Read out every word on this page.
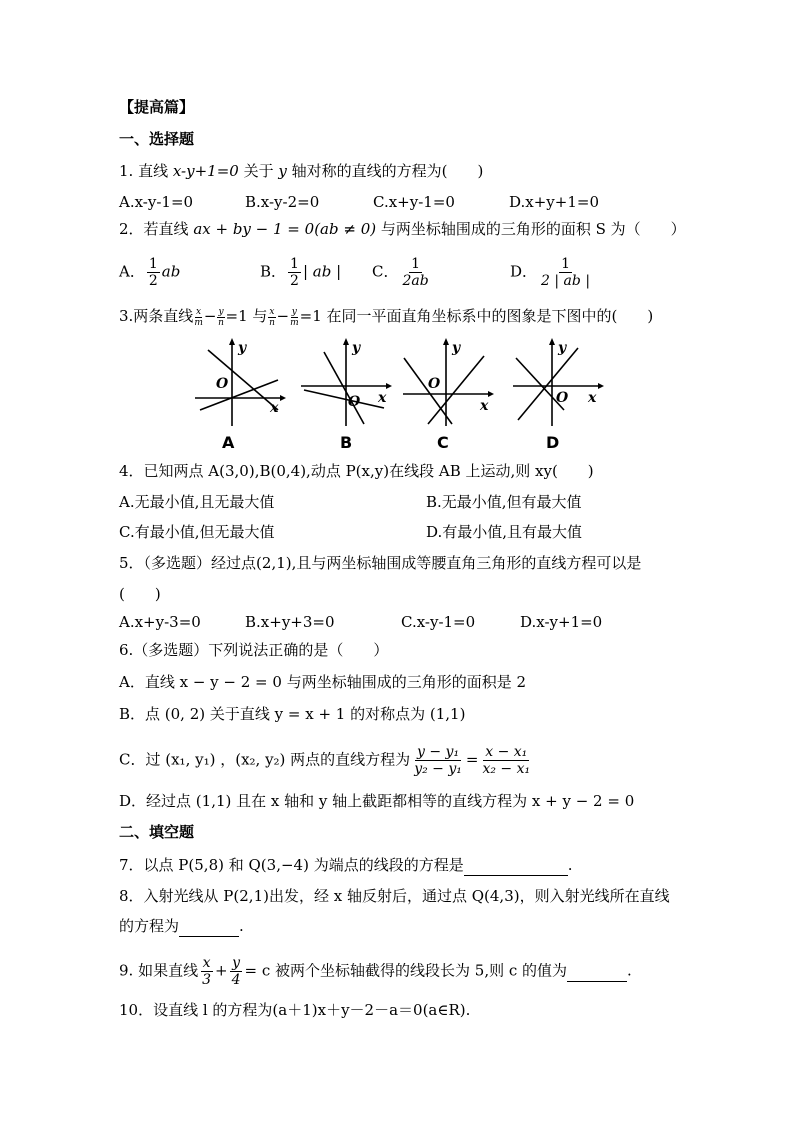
【提高篇】
一、选择题
1. 直线 x-y+1=0 关于 y 轴对称的直线的方程为(　　)
A.x-y-1=0	B.x-y-2=0	C.x+y-1=0	D.x+y+1=0
2．若直线 ax + by − 1 = 0(ab ≠ 0) 与两坐标轴围成的三角形的面积 S 为（　　）
A． $\frac{1}{2}$ ab	B． $\frac{1}{2}$ | ab | C． $\frac{1}{2ab}$	D． $\frac{1}{2 | ab |}$
3.两条直线 $\frac{x}{m} - \frac{y}{n} =1$ 与 $\frac{x}{n} - \frac{y}{m} =1$ 在同一平面直角坐标系中的图象是下图中的(　　)
x
y
O
x
y
O	x
y
O
x
y
O
A	B	C	D
4．已知两点 A(3,0),B(0,4),动点 P(x,y)在线段 AB 上运动,则 xy(　　)
A.无最小值,且无最大值	B.无最小值,但有最大值
C.有最小值,但无最大值	D.有最小值,且有最大值
5．（多选题）经过点(2,1),且与两坐标轴围成等腰直角三角形的直线方程可以是
(　　)
A.x+y-3=0	B.x+y+3=0	C.x-y-1=0	D.x-y+1=0
6.（多选题）下列说法正确的是（　　）
A．直线 x − y − 2 = 0 与两坐标轴围成的三角形的面积是 2
B．点 (0, 2) 关于直线 y = x + 1 的对称点为 (1,1)
C．过 (x₁, y₁) ，(x₂, y₂) 两点的直线方程为 $\frac{\text{y − y₁}}{\text{y₂ − y₁}} = \frac{\text{x − x₁}}{\text{x₂ − x₁}}$
D．经过点 (1,1) 且在 x 轴和 y 轴上截距都相等的直线方程为 x + y − 2 = 0
二、填空题
7．以点 P(5,8) 和 Q(3,−4) 为端点的线段的方程是	.
8．入射光线从 P(2,1)出发，经 x 轴反射后，通过点 Q(4,3)，则入射光线所在直线
的方程为	.
9. 如果直线 $\frac{x}{3} + \frac{y}{4} = c$ 被两个坐标轴截得的线段长为 5,则 c 的值为	.
10．设直线 l 的方程为(a＋1)x＋y－2－a＝0(a∈R).
